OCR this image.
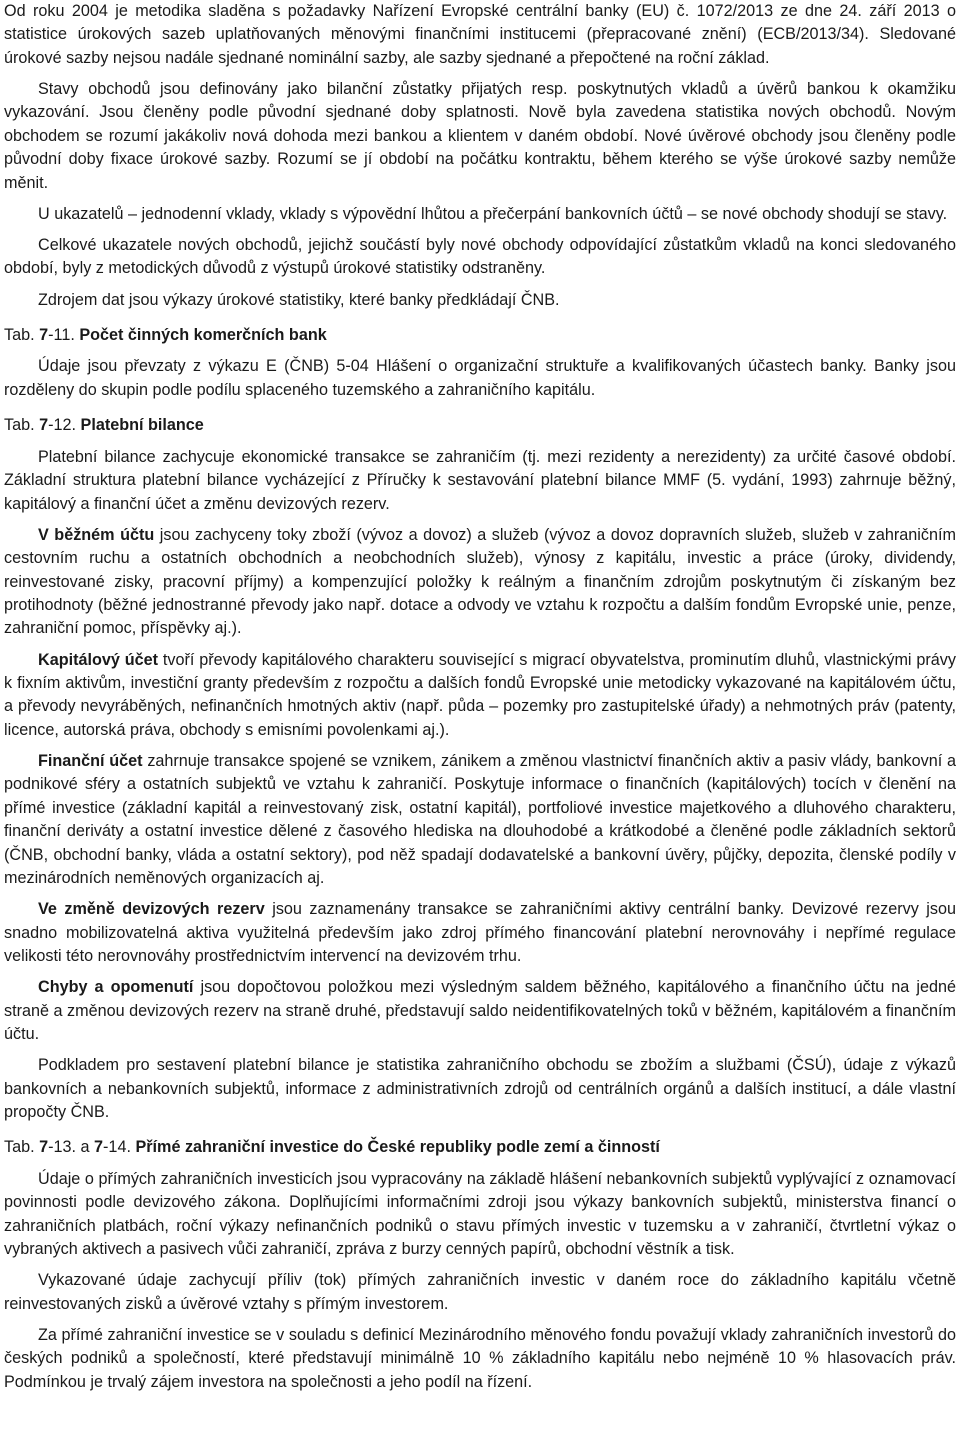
Od roku 2004 je metodika sladěna s požadavky Nařízení Evropské centrální banky (EU) č. 1072/2013 ze dne 24. září 2013 o statistice úrokových sazeb uplatňovaných měnovými finančními institucemi (přepracované znění) (ECB/2013/34). Sledované úrokové sazby nejsou nadále sjednané nominální sazby, ale sazby sjednané a přepočtené na roční základ.

Stavy obchodů jsou definovány jako bilanční zůstatky přijatých resp. poskytnutých vkladů a úvěrů bankou k okamžiku vykazování. Jsou členěny podle původní sjednané doby splatnosti. Nově byla zavedena statistika nových obchodů. Novým obchodem se rozumí jakákoliv nová dohoda mezi bankou a klientem v daném období. Nové úvěrové obchody jsou členěny podle původní doby fixace úrokové sazby. Rozumí se jí období na počátku kontraktu, během kterého se výše úrokové sazby nemůže měnit.

U ukazatelů – jednodenní vklady, vklady s výpovědní lhůtou a přečerpání bankovních účtů – se nové obchody shodují se stavy.

Celkové ukazatele nových obchodů, jejichž součástí byly nové obchody odpovídající zůstatkům vkladů na konci sledovaného období, byly z metodických důvodů z výstupů úrokové statistiky odstraněny.

Zdrojem dat jsou výkazy úrokové statistiky, které banky předkládají ČNB.

Tab. 7-11. Počet činných komerčních bank

Údaje jsou převzaty z výkazu E (ČNB) 5-04 Hlášení o organizační struktuře a kvalifikovaných účastech banky. Banky jsou rozděleny do skupin podle podílu splaceného tuzemského a zahraničního kapitálu.

Tab. 7-12. Platební bilance

Platební bilance zachycuje ekonomické transakce se zahraničím (tj. mezi rezidenty a nerezidenty) za určité časové období. Základní struktura platební bilance vycházející z Příručky k sestavování platební bilance MMF (5. vydání, 1993) zahrnuje běžný, kapitálový a finanční účet a změnu devizových rezerv.

V běžném účtu jsou zachyceny toky zboží (vývoz a dovoz) a služeb (vývoz a dovoz dopravních služeb, služeb v zahraničním cestovním ruchu a ostatních obchodních a neobchodních služeb), výnosy z kapitálu, investic a práce (úroky, dividendy, reinvestované zisky, pracovní příjmy) a kompenzující položky k reálným a finančním zdrojům poskytnutým či získaným bez protihodnoty (běžné jednostranné převody jako např. dotace a odvody ve vztahu k rozpočtu a dalším fondům Evropské unie, penze, zahraniční pomoc, příspěvky aj.).

Kapitálový účet tvoří převody kapitálového charakteru související s migrací obyvatelstva, prominutím dluhů, vlastnickými právy k fixním aktivům, investiční granty především z rozpočtu a dalších fondů Evropské unie metodicky vykazované na kapitálovém účtu, a převody nevyráběných, nefinančních hmotných aktiv (např. půda – pozemky pro zastupitelské úřady) a nehmotných práv (patenty, licence, autorská práva, obchody s emisními povolenkami aj.).

Finanční účet zahrnuje transakce spojené se vznikem, zánikem a změnou vlastnictví finančních aktiv a pasiv vlády, bankovní a podnikové sféry a ostatních subjektů ve vztahu k zahraničí. Poskytuje informace o finančních (kapitálových) tocích v členění na přímé investice (základní kapitál a reinvestovaný zisk, ostatní kapitál), portfoliové investice majetkového a dluhového charakteru, finanční deriváty a ostatní investice dělené z časového hlediska na dlouhodobé a krátkodobé a členěné podle základních sektorů (ČNB, obchodní banky, vláda a ostatní sektory), pod něž spadají dodavatelské a bankovní úvěry, půjčky, depozita, členské podíly v mezinárodních neměnových organizacích aj.

Ve změně devizových rezerv jsou zaznamenány transakce se zahraničními aktivy centrální banky. Devizové rezervy jsou snadno mobilizovatelná aktiva využitelná především jako zdroj přímého financování platební nerovnováhy i nepřímé regulace velikosti této nerovnováhy prostřednictvím intervencí na devizovém trhu.

Chyby a opomenutí jsou dopočtovou položkou mezi výsledným saldem běžného, kapitálového a finančního účtu na jedné straně a změnou devizových rezerv na straně druhé, představují saldo neidentifikovatelných toků v běžném, kapitálovém a finančním účtu.

Podkladem pro sestavení platební bilance je statistika zahraničního obchodu se zbožím a službami (ČSÚ), údaje z výkazů bankovních a nebankovních subjektů, informace z administrativních zdrojů od centrálních orgánů a dalších institucí, a dále vlastní propočty ČNB.

Tab. 7-13. a 7-14. Přímé zahraniční investice do České republiky podle zemí a činností

Údaje o přímých zahraničních investicích jsou vypracovány na základě hlášení nebankovních subjektů vyplývající z oznamovací povinnosti podle devizového zákona. Doplňujícími informačními zdroji jsou výkazy bankovních subjektů, ministerstva financí o zahraničních platbách, roční výkazy nefinančních podniků o stavu přímých investic v tuzemsku a v zahraničí, čtvrtletní výkaz o vybraných aktivech a pasivech vůči zahraničí, zpráva z burzy cenných papírů, obchodní věstník a tisk.

Vykazované údaje zachycují příliv (tok) přímých zahraničních investic v daném roce do základního kapitálu včetně reinvestovaných zisků a úvěrové vztahy s přímým investorem.

Za přímé zahraniční investice se v souladu s definicí Mezinárodního měnového fondu považují vklady zahraničních investorů do českých podniků a společností, které představují minimálně 10 % základního kapitálu nebo nejméně 10 % hlasovacích práv. Podmínkou je trvalý zájem investora na společnosti a jeho podíl na řízení.
